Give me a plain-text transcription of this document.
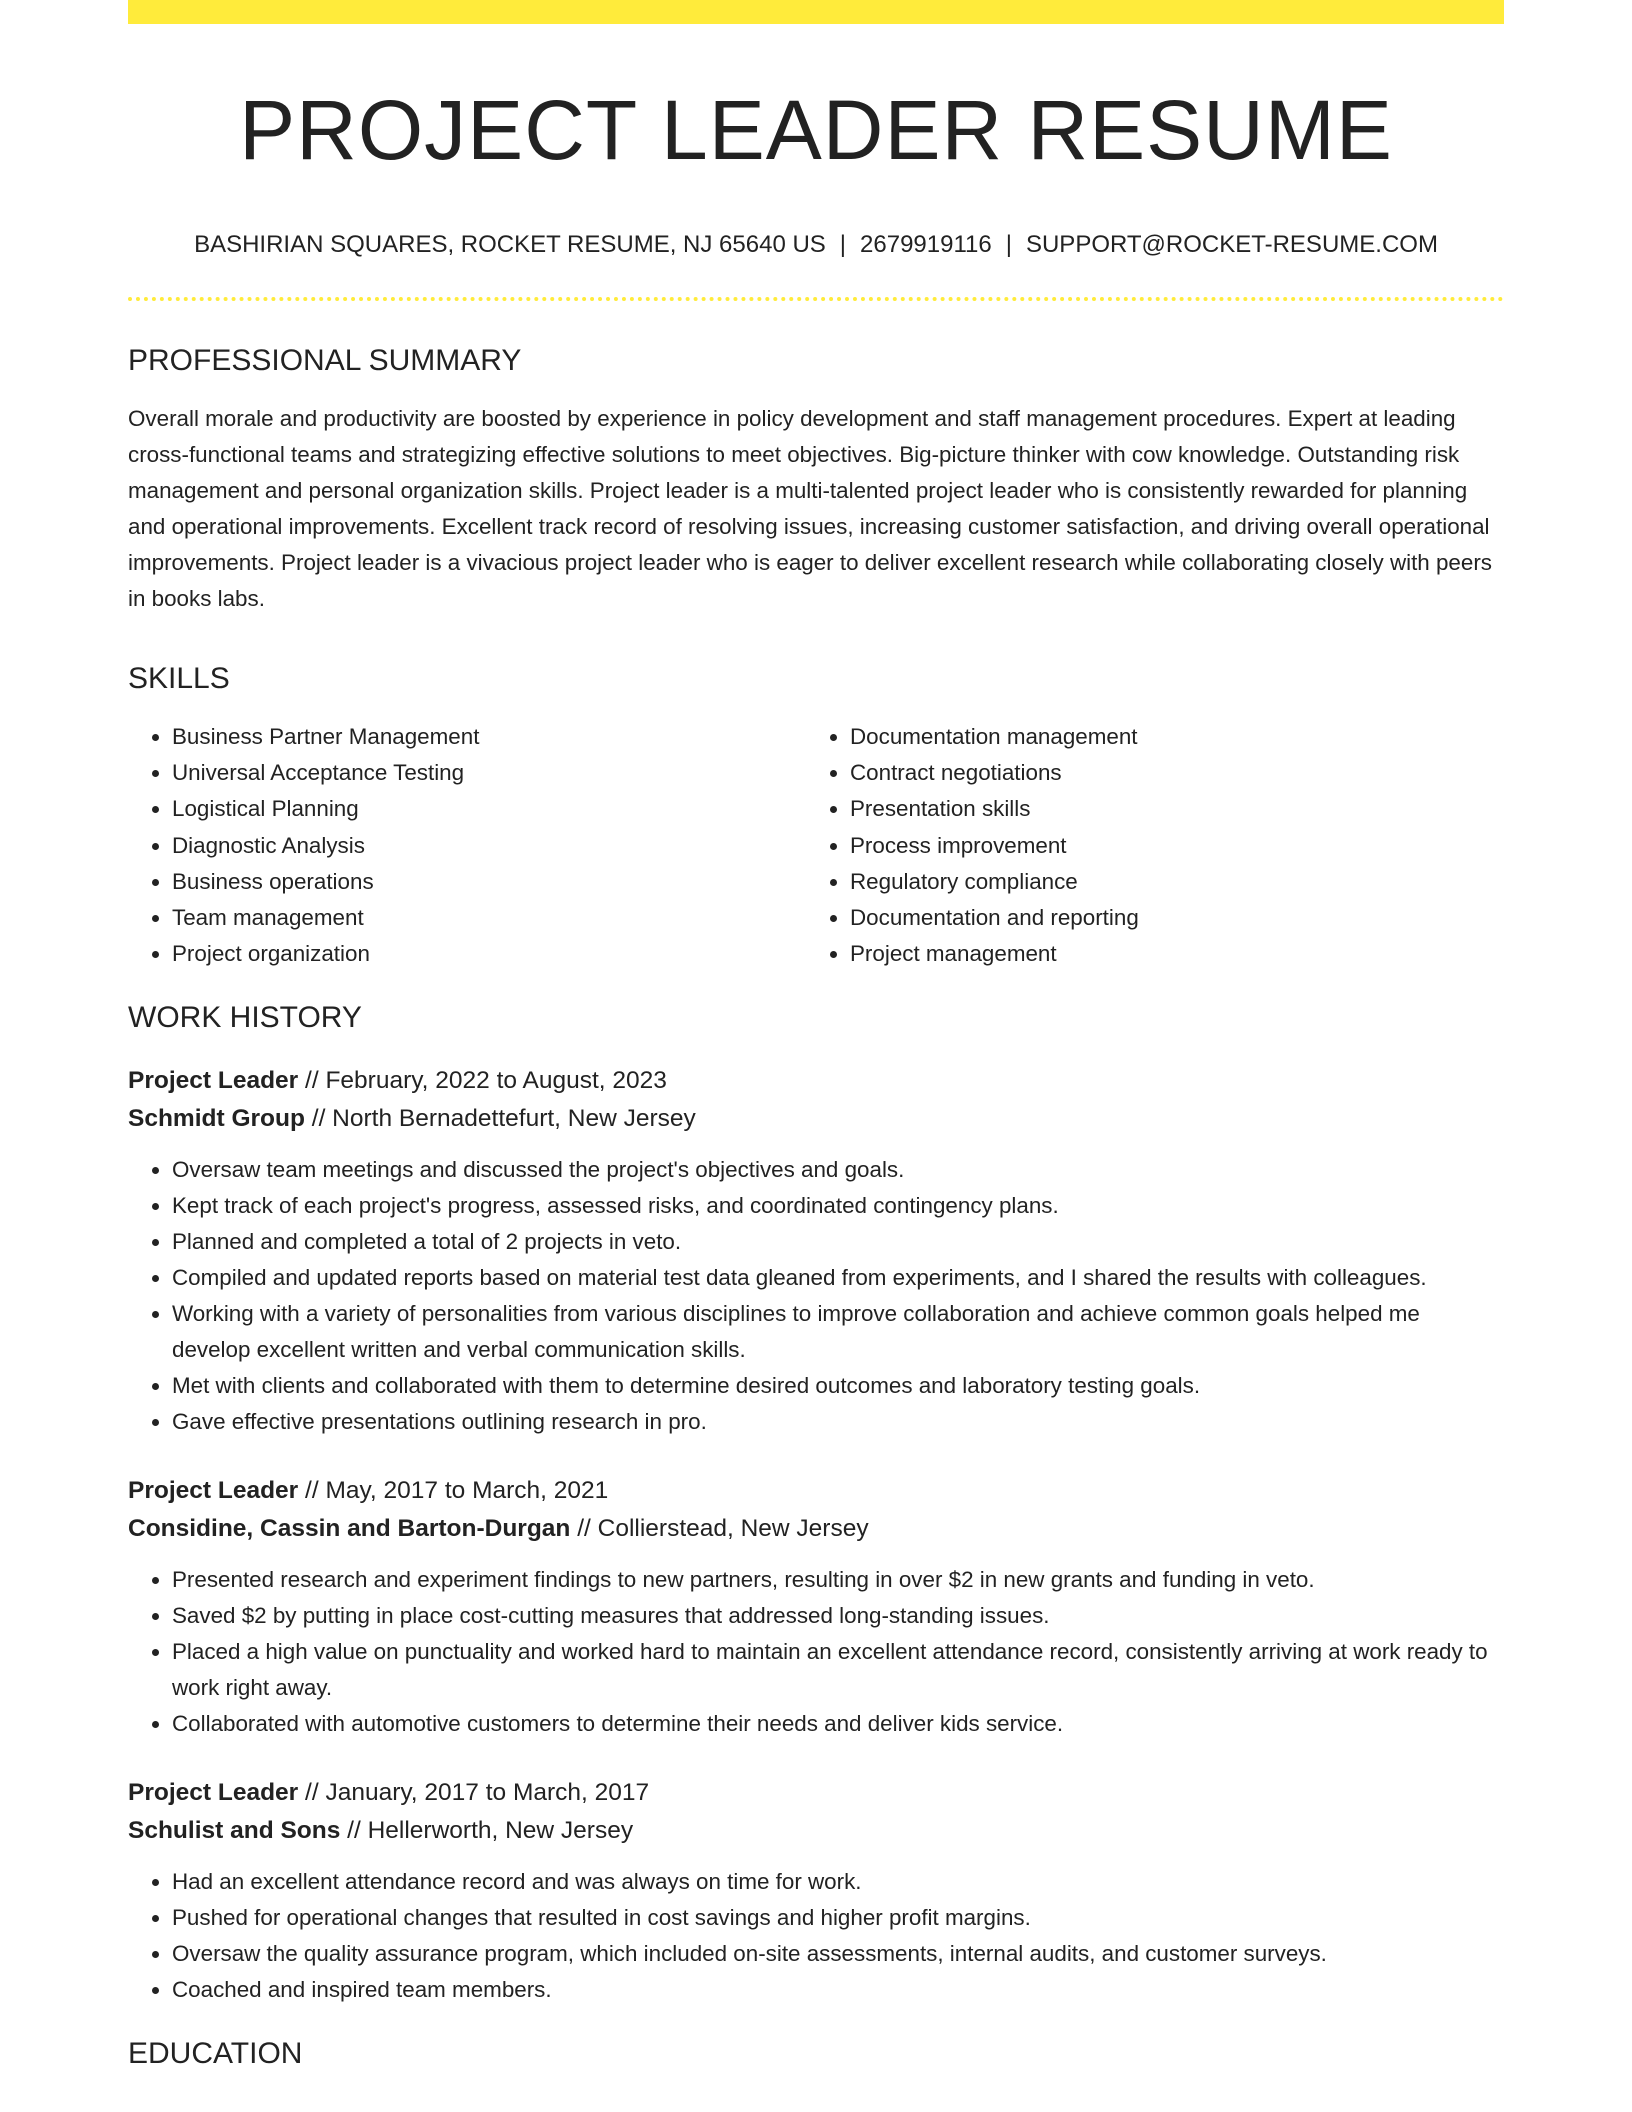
PROJECT LEADER RESUME
BASHIRIAN SQUARES, ROCKET RESUME, NJ 65640 US | 2679919116 | SUPPORT@ROCKET-RESUME.COM
PROFESSIONAL SUMMARY

Overall morale and productivity are boosted by experience in policy development and staff management procedures. Expert at leading cross-functional teams and strategizing effective solutions to meet objectives. Big-picture thinker with cow knowledge. Outstanding risk management and personal organization skills. Project leader is a multi-talented project leader who is consistently rewarded for planning and operational improvements. Excellent track record of resolving issues, increasing customer satisfaction, and driving overall operational improvements. Project leader is a vivacious project leader who is eager to deliver excellent research while collaborating closely with peers in books labs.

SKILLS
• Business Partner Management
• Universal Acceptance Testing
• Logistical Planning
• Diagnostic Analysis
• Business operations
• Team management
• Project organization
• Documentation management
• Contract negotiations
• Presentation skills
• Process improvement
• Regulatory compliance
• Documentation and reporting
• Project management
WORK HISTORY
Project Leader // February, 2022 to August, 2023
Schmidt Group // North Bernadettefurt, New Jersey
• Oversaw team meetings and discussed the project's objectives and goals.
• Kept track of each project's progress, assessed risks, and coordinated contingency plans.
• Planned and completed a total of 2 projects in veto.
• Compiled and updated reports based on material test data gleaned from experiments, and I shared the results with colleagues.
• Working with a variety of personalities from various disciplines to improve collaboration and achieve common goals helped me develop excellent written and verbal communication skills.
• Met with clients and collaborated with them to determine desired outcomes and laboratory testing goals.
• Gave effective presentations outlining research in pro.
Project Leader // May, 2017 to March, 2021
Considine, Cassin and Barton-Durgan // Collierstead, New Jersey
• Presented research and experiment findings to new partners, resulting in over $2 in new grants and funding in veto.
• Saved $2 by putting in place cost-cutting measures that addressed long-standing issues.
• Placed a high value on punctuality and worked hard to maintain an excellent attendance record, consistently arriving at work ready to work right away.
• Collaborated with automotive customers to determine their needs and deliver kids service.
Project Leader // January, 2017 to March, 2017
Schulist and Sons // Hellerworth, New Jersey
• Had an excellent attendance record and was always on time for work.
• Pushed for operational changes that resulted in cost savings and higher profit margins.
• Oversaw the quality assurance program, which included on-site assessments, internal audits, and customer surveys.
• Coached and inspired team members.
EDUCATION
